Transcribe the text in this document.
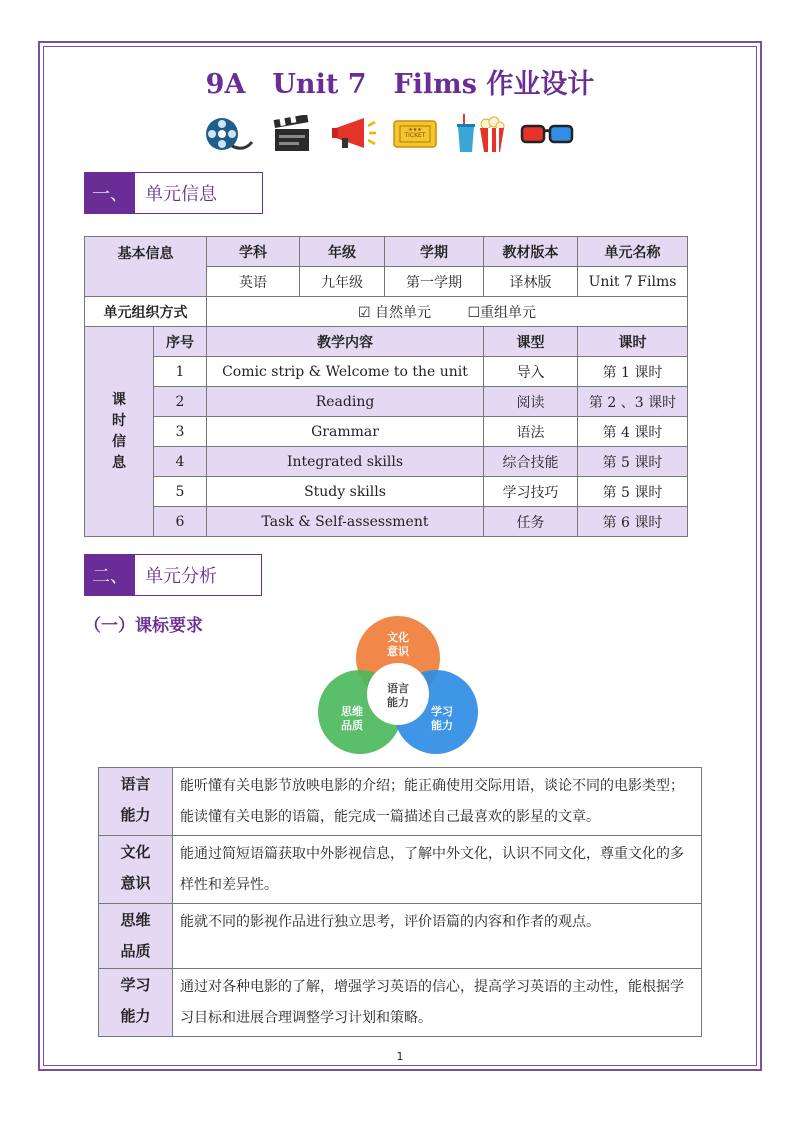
9A　Unit 7　Films 作业设计
TICKET
★★★
一、 单元信息
基本信息		学科	年级	学期	教材版本	单元名称
		英语	九年级	第一学期	译林版	Unit 7 Films
单元组织方式		☑ 自然单元 ☐重组单元				
课时信息	序号	教学内容			课型	课时
	1	Comic strip & Welcome to the unit			导入	第 1 课时
	2	Reading			阅读	第 2 、3 课时
	3	Grammar			语法	第 4 课时
	4	Integrated skills			综合技能	第 5 课时
	5	Study skills			学习技巧	第 5 课时
	6	Task & Self-assessment			任务	第 6 课时
二、 单元分析
（一）课标要求
文化
意识
思维
品质
学习
能力
语言
能力
语言
能力	能听懂有关电影节放映电影的介绍；能正确使用交际用语，谈论不同的电影类型；能读懂有关电影的语篇，能完成一篇描述自己最喜欢的影星的文章。
文化
意识	能通过简短语篇获取中外影视信息，了解中外文化，认识不同文化，尊重文化的多样性和差异性。
思维
品质	能就不同的影视作品进行独立思考，评价语篇的内容和作者的观点。
学习
能力	通过对各种电影的了解，增强学习英语的信心，提高学习英语的主动性，能根据学习目标和进展合理调整学习计划和策略。
1
